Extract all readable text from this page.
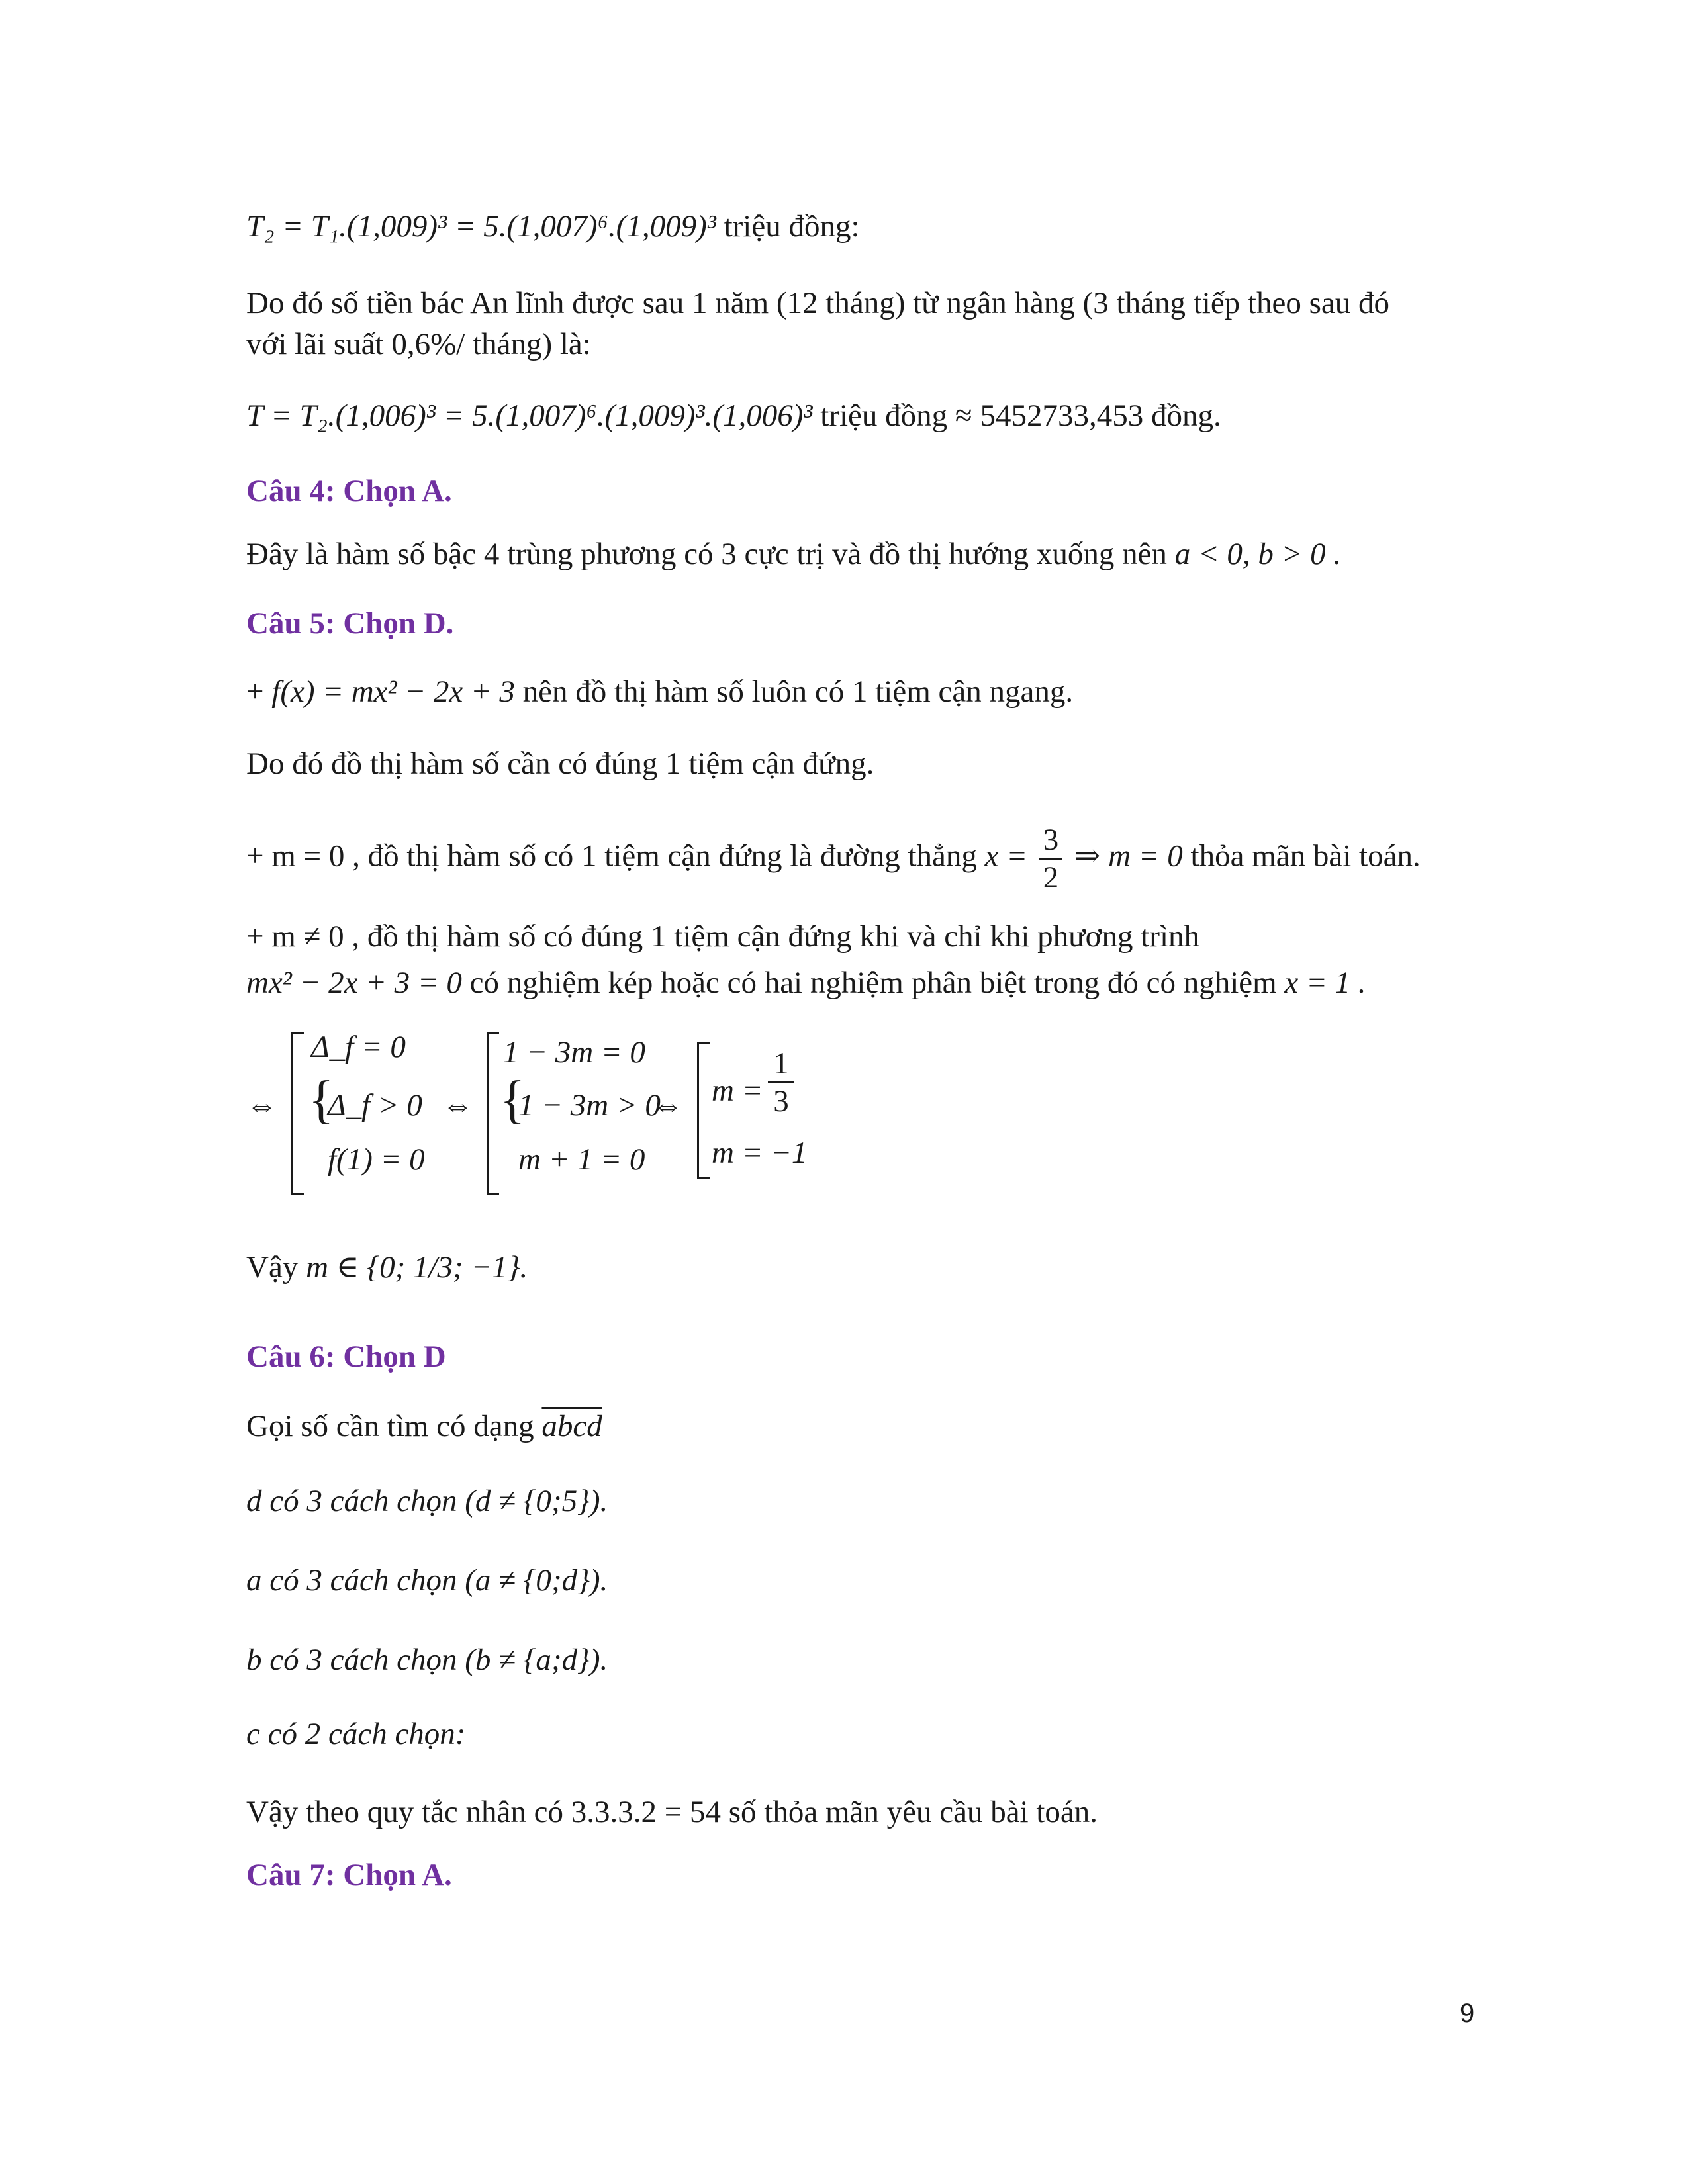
T₂ = T₁.(1,009)³ = 5.(1,007)⁶.(1,009)³ triệu đồng:
Do đó số tiền bác An lĩnh được sau 1 năm (12 tháng) từ ngân hàng (3 tháng tiếp theo sau đó
với lãi suất 0,6%/ tháng) là:
T = T₂.(1,006)³ = 5.(1,007)⁶.(1,009)³.(1,006)³ triệu đồng ≈ 5452733,453 đồng.
Câu 4: Chọn A.
Đây là hàm số bậc 4 trùng phương có 3 cực trị và đồ thị hướng xuống nên a < 0, b > 0 .
Câu 5: Chọn D.
+ f(x) = mx² − 2x + 3 nên đồ thị hàm số luôn có 1 tiệm cận ngang.
Do đó đồ thị hàm số cần có đúng 1 tiệm cận đứng.
+ m = 0 , đồ thị hàm số có 1 tiệm cận đứng là đường thẳng $x = \frac{3}{2}$ ⇒ m = 0 thỏa mãn bài toán.
+ m ≠ 0 , đồ thị hàm số có đúng 1 tiệm cận đứng khi và chỉ khi phương trình
mx² − 2x + 3 = 0 có nghiệm kép hoặc có hai nghiệm phân biệt trong đó có nghiệm x = 1 .
⇔
Δ_f = 0
{
Δ_f > 0
f(1) = 0
⇔
1 − 3m = 0
{
1 − 3m > 0
m + 1 = 0
⇔ m =
1
3
m = −1
Vậy m ∈ {0; 1/3; −1}.
Câu 6: Chọn D
Gọi số cần tìm có dạng abcd
d có 3 cách chọn (d ≠ {0;5}).
a có 3 cách chọn (a ≠ {0;d}).
b có 3 cách chọn (b ≠ {a;d}).
c có 2 cách chọn:
Vậy theo quy tắc nhân có 3.3.3.2 = 54 số thỏa mãn yêu cầu bài toán.
Câu 7: Chọn A.
9
